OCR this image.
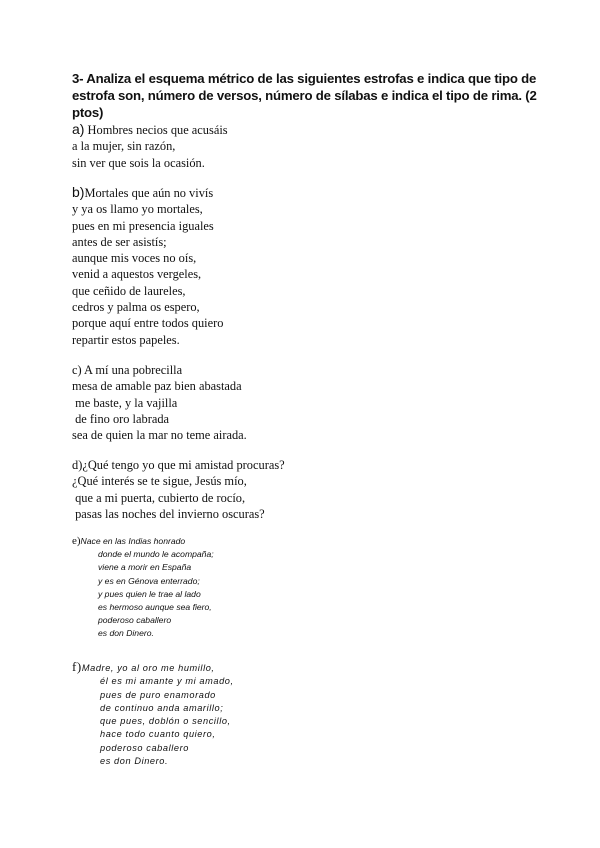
3- Analiza el esquema métrico de las siguientes estrofas e indica que tipo de estrofa son, número de versos, número de sílabas e indica el tipo de rima. (2 ptos)
a) Hombres necios que acusáis
a la mujer, sin razón,
sin ver que sois la ocasión.
b)Mortales que aún no vivís
y ya os llamo yo mortales,
pues en mi presencia iguales
antes de ser asistís;
aunque mis voces no oís,
venid a aquestos vergeles,
que ceñido de laureles,
cedros y palma os espero,
porque aquí entre todos quiero
repartir estos papeles.
c) A mí una pobrecilla
mesa de amable paz bien abastada
me baste, y la vajilla
de fino oro labrada
sea de quien la mar no teme airada.
d)¿Qué tengo yo que mi amistad procuras?
¿Qué interés se te sigue, Jesús mío,
que a mi puerta, cubierto de rocío,
pasas las noches del invierno oscuras?
e)Nace en las Indias honrado
donde el mundo le acompaña;
viene a morir en España
y es en Génova enterrado;
y pues quien le trae al lado
es hermoso aunque sea fiero,
poderoso caballero
es don Dinero.
f)Madre, yo al oro me humillo,
él es mi amante y mi amado,
pues de puro enamorado
de continuo anda amarillo;
que pues, doblón o sencillo,
hace todo cuanto quiero,
poderoso caballero
es don Dinero.
